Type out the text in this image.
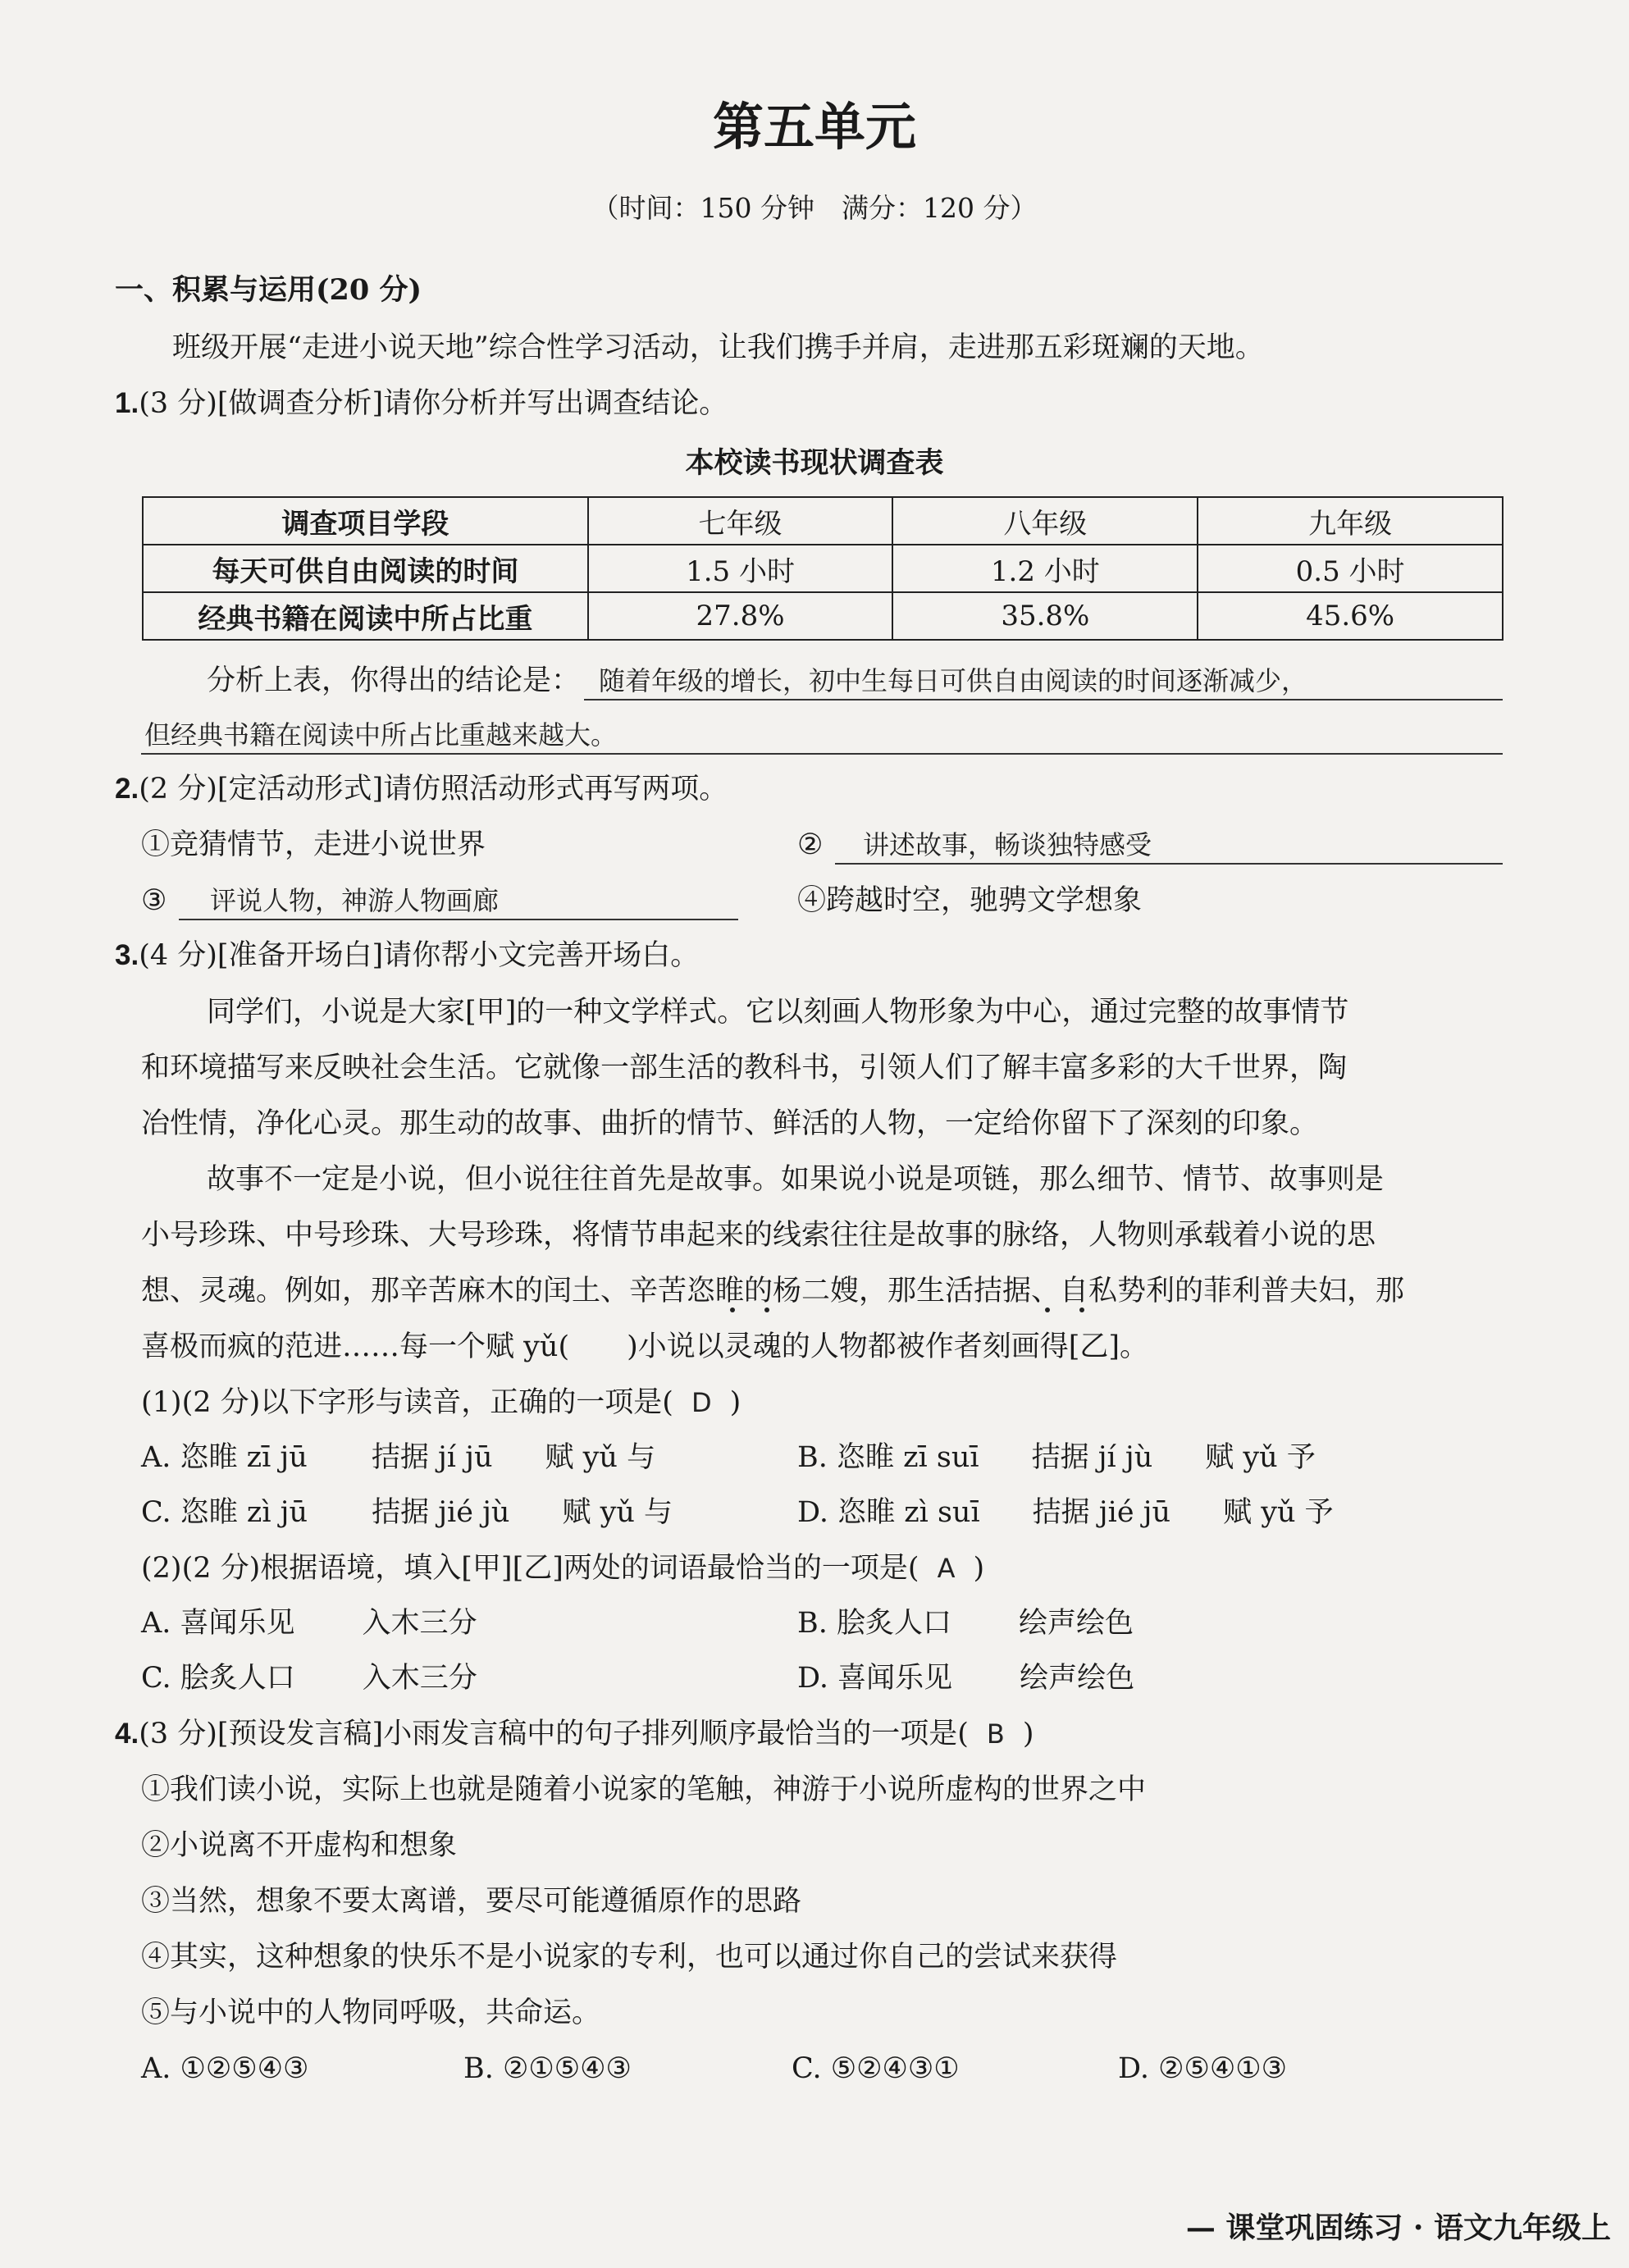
第五单元
（时间：150 分钟　满分：120 分）
一、积累与运用(20 分)
班级开展“走进小说天地”综合性学习活动，让我们携手并肩，走进那五彩斑斓的天地。
1.(3 分)[做调查分析]请你分析并写出调查结论。
本校读书现状调查表
调查项目学段	七年级	八年级	九年级
每天可供自由阅读的时间	1.5 小时	1.2 小时	0.5 小时
经典书籍在阅读中所占比重	27.8%	35.8%	45.6%
分析上表，你得出的结论是： 随着年级的增长，初中生每日可供自由阅读的时间逐渐减少，
但经典书籍在阅读中所占比重越来越大。
2.(2 分)[定活动形式]请仿照活动形式再写两项。
①竞猜情节，走进小说世界	②	讲述故事，畅谈独特感受
③	评说人物，神游人物画廊	④跨越时空，驰骋文学想象
3.(4 分)[准备开场白]请你帮小文完善开场白。
同学们，小说是大家[甲]的一种文学样式。它以刻画人物形象为中心，通过完整的故事情节
和环境描写来反映社会生活。它就像一部生活的教科书，引领人们了解丰富多彩的大千世界，陶
冶性情，净化心灵。那生动的故事、曲折的情节、鲜活的人物，一定给你留下了深刻的印象。
故事不一定是小说，但小说往往首先是故事。如果说小说是项链，那么细节、情节、故事则是
小号珍珠、中号珍珠、大号珍珠，将情节串起来的线索往往是故事的脉络，人物则承载着小说的思
想、灵魂。例如，那辛苦麻木的闰土、辛苦恣睢的杨二嫂，那生活拮据、自私势利的菲利普夫妇，那
喜极而疯的范进……每一个赋 yǔ(　　)小说以灵魂的人物都被作者刻画得[乙]。
(1)(2 分)以下字形与读音，正确的一项是( D )
A. 恣睢 zī jū 拮据 jí jū 赋 yǔ 与	B. 恣睢 zī suī 拮据 jí jù 赋 yǔ 予
C. 恣睢 zì jū 拮据 jié jù 赋 yǔ 与	D. 恣睢 zì suī 拮据 jié jū 赋 yǔ 予
(2)(2 分)根据语境，填入[甲][乙]两处的词语最恰当的一项是( A )
A. 喜闻乐见 入木三分	B. 脍炙人口 绘声绘色
C. 脍炙人口 入木三分	D. 喜闻乐见 绘声绘色
4.(3 分)[预设发言稿]小雨发言稿中的句子排列顺序最恰当的一项是( B )
①我们读小说，实际上也就是随着小说家的笔触，神游于小说所虚构的世界之中
②小说离不开虚构和想象
③当然，想象不要太离谱，要尽可能遵循原作的思路
④其实，这种想象的快乐不是小说家的专利，也可以通过你自己的尝试来获得
⑤与小说中的人物同呼吸，共命运。
A. ①②⑤④③	B. ②①⑤④③	C. ⑤②④③①	D. ②⑤④①③
— 课堂巩固练习 · 语文九年级上
